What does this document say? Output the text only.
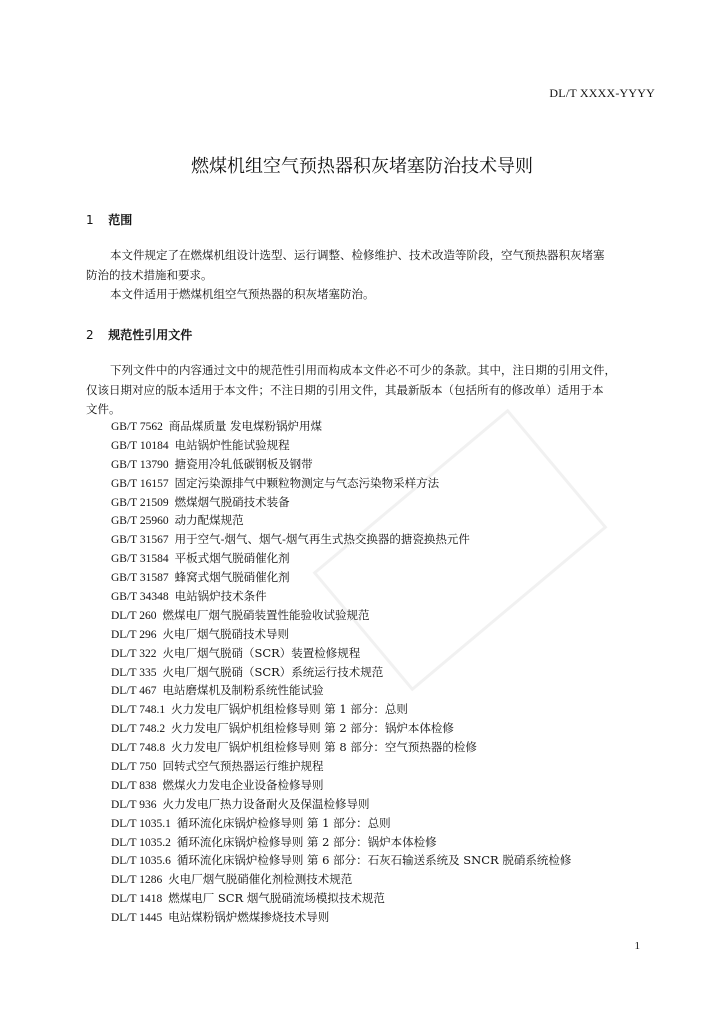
DL/T XXXX-YYYY
燃煤机组空气预热器积灰堵塞防治技术导则
1 范围
本文件规定了在燃煤机组设计选型、运行调整、检修维护、技术改造等阶段，空气预热器积灰堵塞
防治的技术措施和要求。
本文件适用于燃煤机组空气预热器的积灰堵塞防治。
2 规范性引用文件
下列文件中的内容通过文中的规范性引用而构成本文件必不可少的条款。其中，注日期的引用文件，
仅该日期对应的版本适用于本文件；不注日期的引用文件，其最新版本（包括所有的修改单）适用于本
文件。
GB/T 7562 商品煤质量 发电煤粉锅炉用煤
GB/T 10184 电站锅炉性能试验规程
GB/T 13790 搪瓷用冷轧低碳钢板及钢带
GB/T 16157 固定污染源排气中颗粒物测定与气态污染物采样方法
GB/T 21509 燃煤烟气脱硝技术装备
GB/T 25960 动力配煤规范
GB/T 31567 用于空气-烟气、烟气-烟气再生式热交换器的搪瓷换热元件
GB/T 31584 平板式烟气脱硝催化剂
GB/T 31587 蜂窝式烟气脱硝催化剂
GB/T 34348 电站锅炉技术条件
DL/T 260 燃煤电厂烟气脱硝装置性能验收试验规范
DL/T 296 火电厂烟气脱硝技术导则
DL/T 322 火电厂烟气脱硝（SCR）装置检修规程
DL/T 335 火电厂烟气脱硝（SCR）系统运行技术规范
DL/T 467 电站磨煤机及制粉系统性能试验
DL/T 748.1 火力发电厂锅炉机组检修导则 第 1 部分：总则
DL/T 748.2 火力发电厂锅炉机组检修导则 第 2 部分：锅炉本体检修
DL/T 748.8 火力发电厂锅炉机组检修导则 第 8 部分：空气预热器的检修
DL/T 750 回转式空气预热器运行维护规程
DL/T 838 燃煤火力发电企业设备检修导则
DL/T 936 火力发电厂热力设备耐火及保温检修导则
DL/T 1035.1 循环流化床锅炉检修导则 第 1 部分：总则
DL/T 1035.2 循环流化床锅炉检修导则 第 2 部分：锅炉本体检修
DL/T 1035.6 循环流化床锅炉检修导则 第 6 部分：石灰石输送系统及 SNCR 脱硝系统检修
DL/T 1286 火电厂烟气脱硝催化剂检测技术规范
DL/T 1418 燃煤电厂 SCR 烟气脱硝流场模拟技术规范
DL/T 1445 电站煤粉锅炉燃煤掺烧技术导则
1
